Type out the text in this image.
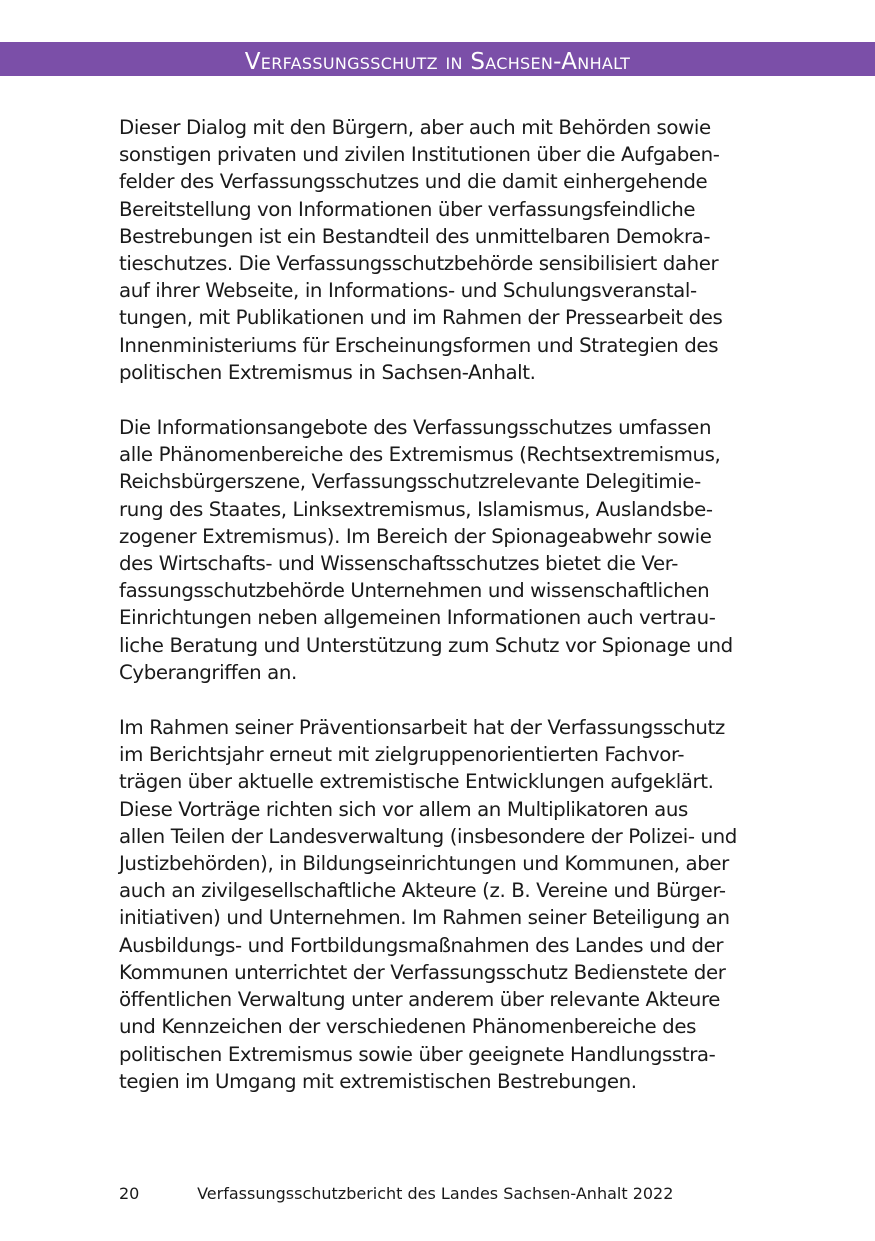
Verfassungsschutz in Sachsen-Anhalt

Dieser Dialog mit den Bürgern, aber auch mit Behörden sowie
sonstigen privaten und zivilen Institutionen über die Aufgaben-
felder des Verfassungsschutzes und die damit einhergehende
Bereitstellung von Informationen über verfassungsfeindliche
Bestrebungen ist ein Bestandteil des unmittelbaren Demokra-
tieschutzes. Die Verfassungsschutzbehörde sensibilisiert daher
auf ihrer Webseite, in Informations- und Schulungsveranstal-
tungen, mit Publikationen und im Rahmen der Pressearbeit des
Innenministeriums für Erscheinungsformen und Strategien des
politischen Extremismus in Sachsen-Anhalt.

Die Informationsangebote des Verfassungsschutzes umfassen
alle Phänomenbereiche des Extremismus (Rechtsextremismus,
Reichsbürgerszene, Verfassungsschutzrelevante Delegitimie-
rung des Staates, Linksextremismus, Islamismus, Auslandsbe-
zogener Extremismus). Im Bereich der Spionageabwehr sowie
des Wirtschafts- und Wissenschaftsschutzes bietet die Ver-
fassungsschutzbehörde Unternehmen und wissenschaftlichen
Einrichtungen neben allgemeinen Informationen auch vertrau-
liche Beratung und Unterstützung zum Schutz vor Spionage und
Cyberangriffen an.

Im Rahmen seiner Präventionsarbeit hat der Verfassungsschutz
im Berichtsjahr erneut mit zielgruppenorientierten Fachvor-
trägen über aktuelle extremistische Entwicklungen aufgeklärt.
Diese Vorträge richten sich vor allem an Multiplikatoren aus
allen Teilen der Landesverwaltung (insbesondere der Polizei- und
Justizbehörden), in Bildungseinrichtungen und Kommunen, aber
auch an zivilgesellschaftliche Akteure (z. B. Vereine und Bürger-
initiativen) und Unternehmen. Im Rahmen seiner Beteiligung an
Ausbildungs- und Fortbildungsmaßnahmen des Landes und der
Kommunen unterrichtet der Verfassungsschutz Bedienstete der
öffentlichen Verwaltung unter anderem über relevante Akteure
und Kennzeichen der verschiedenen Phänomenbereiche des
politischen Extremismus sowie über geeignete Handlungsstra-
tegien im Umgang mit extremistischen Bestrebungen.

20	Verfassungsschutzbericht des Landes Sachsen-Anhalt 2022
